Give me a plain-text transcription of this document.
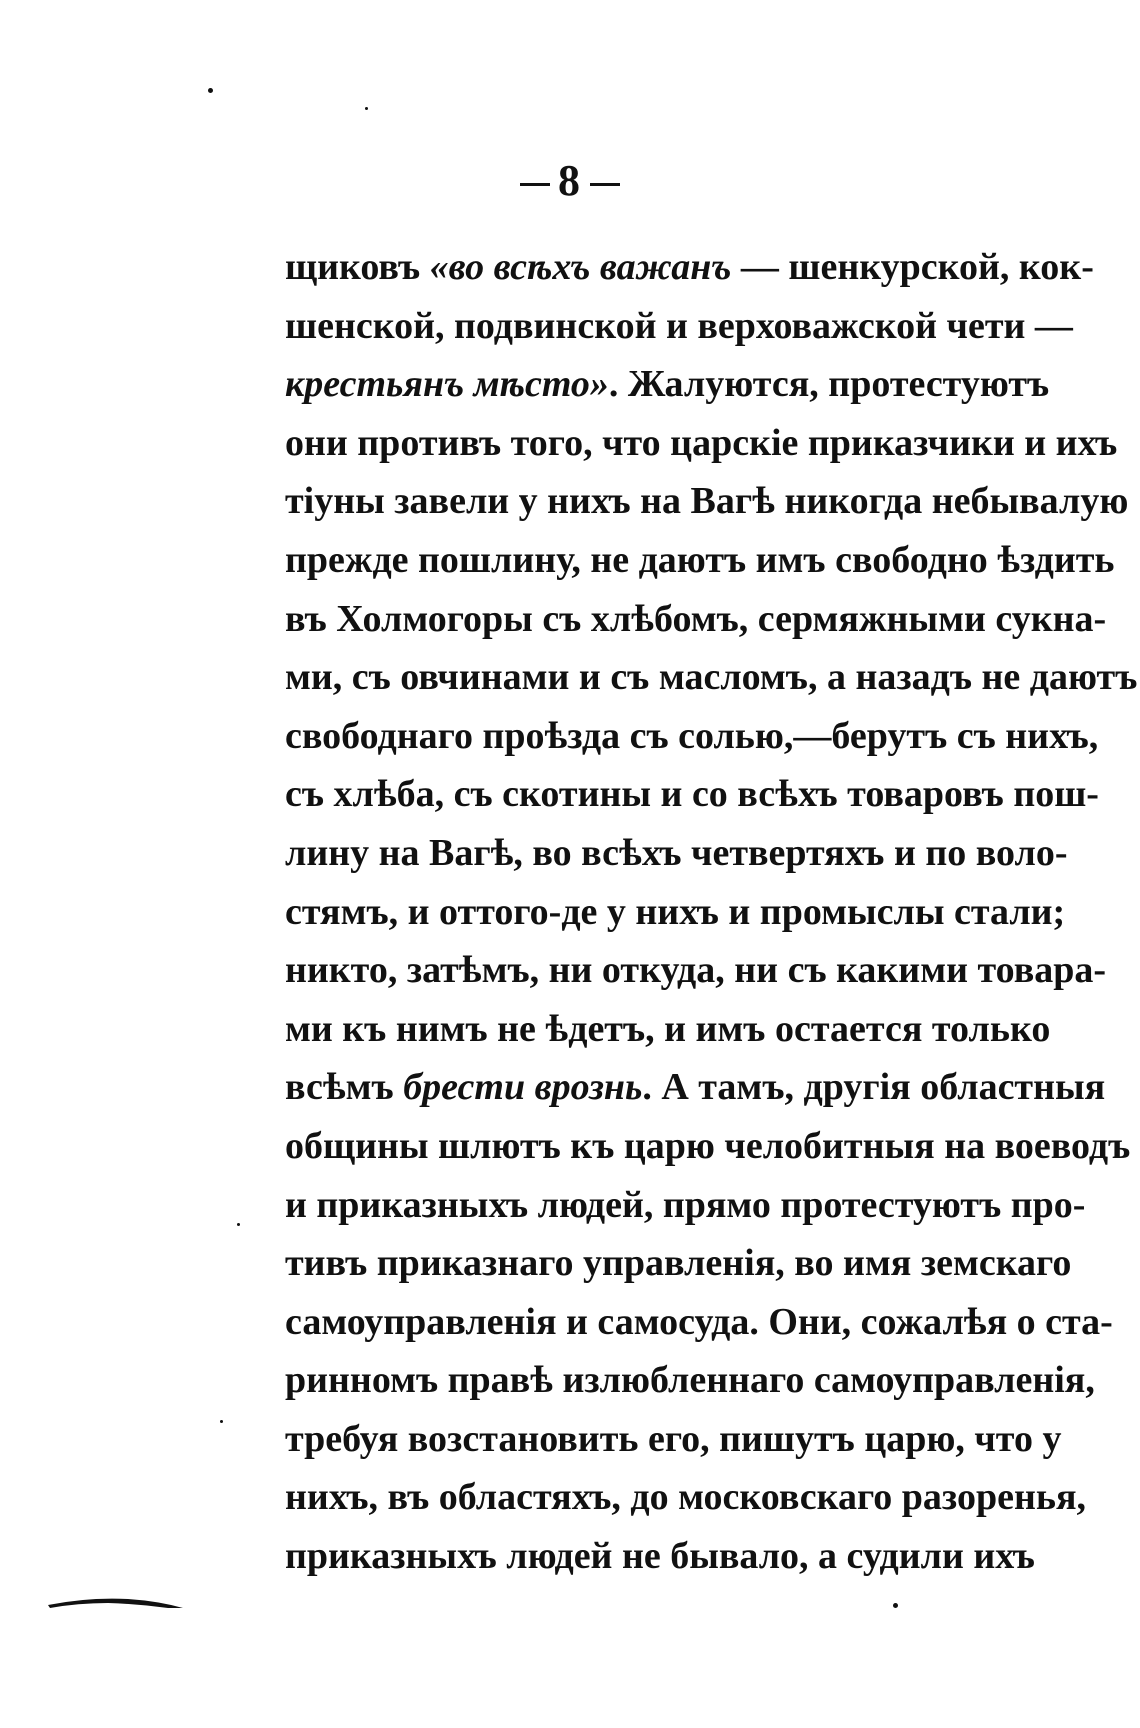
8
щиковъ «во всѣхъ важанъ — шенкурской, кок-
шенской, подвинской и верховажской чети —
крестьянъ мѣсто». Жалуются, протестуютъ
они противъ того, что царскіе приказчики и ихъ
тіуны завели у нихъ на Вагѣ никогда небывалую
прежде пошлину, не даютъ имъ свободно ѣздить
въ Холмогоры съ хлѣбомъ, сермяжными сукна-
ми, съ овчинами и съ масломъ, а назадъ не даютъ
свободнаго проѣзда съ солью,—берутъ съ нихъ,
съ хлѣба, съ скотины и со всѣхъ товаровъ пош-
лину на Вагѣ, во всѣхъ четвертяхъ и по воло-
стямъ, и оттого-де у нихъ и промыслы стали;
никто, затѣмъ, ни откуда, ни съ какими товара-
ми къ нимъ не ѣдетъ, и имъ остается только
всѣмъ брести врознь. А тамъ, другія областныя
общины шлютъ къ царю челобитныя на воеводъ
и приказныхъ людей, прямо протестуютъ про-
тивъ приказнаго управленія, во имя земскаго
самоуправленія и самосуда. Они, сожалѣя о ста-
ринномъ правѣ излюбленнаго самоуправленія,
требуя возстановить его, пишутъ царю, что у
нихъ, въ областяхъ, до московскаго разоренья,
приказныхъ людей не бывало, а судили ихъ
